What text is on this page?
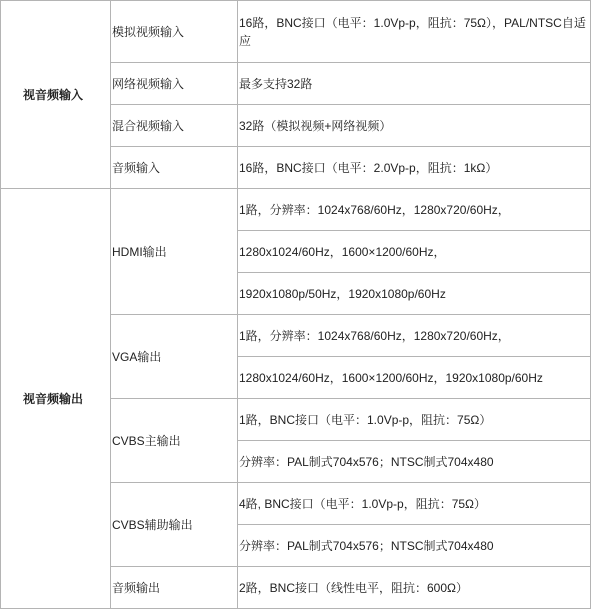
视音频输入	模拟视频输入	16路，BNC接口（电平：1.0Vp-p，阻抗：75Ω），PAL/NTSC自适应
	网络视频输入	最多支持32路
	混合视频输入	32路（模拟视频+网络视频）
	音频输入	16路，BNC接口（电平：2.0Vp-p，阻抗：1kΩ）
视音频输出	HDMI输出	1路，分辨率：1024x768/60Hz，1280x720/60Hz，
		1280x1024/60Hz，1600×1200/60Hz，
		1920x1080p/50Hz，1920x1080p/60Hz
	VGA输出	1路，分辨率：1024x768/60Hz，1280x720/60Hz，
		1280x1024/60Hz，1600×1200/60Hz，1920x1080p/60Hz
	CVBS主输出	1路，BNC接口（电平：1.0Vp-p，阻抗：75Ω）
		分辨率：PAL制式704x576；NTSC制式704x480
	CVBS辅助输出	4路, BNC接口（电平：1.0Vp-p，阻抗：75Ω）
		分辨率：PAL制式704x576；NTSC制式704x480
	音频输出	2路，BNC接口（线性电平，阻抗：600Ω）
